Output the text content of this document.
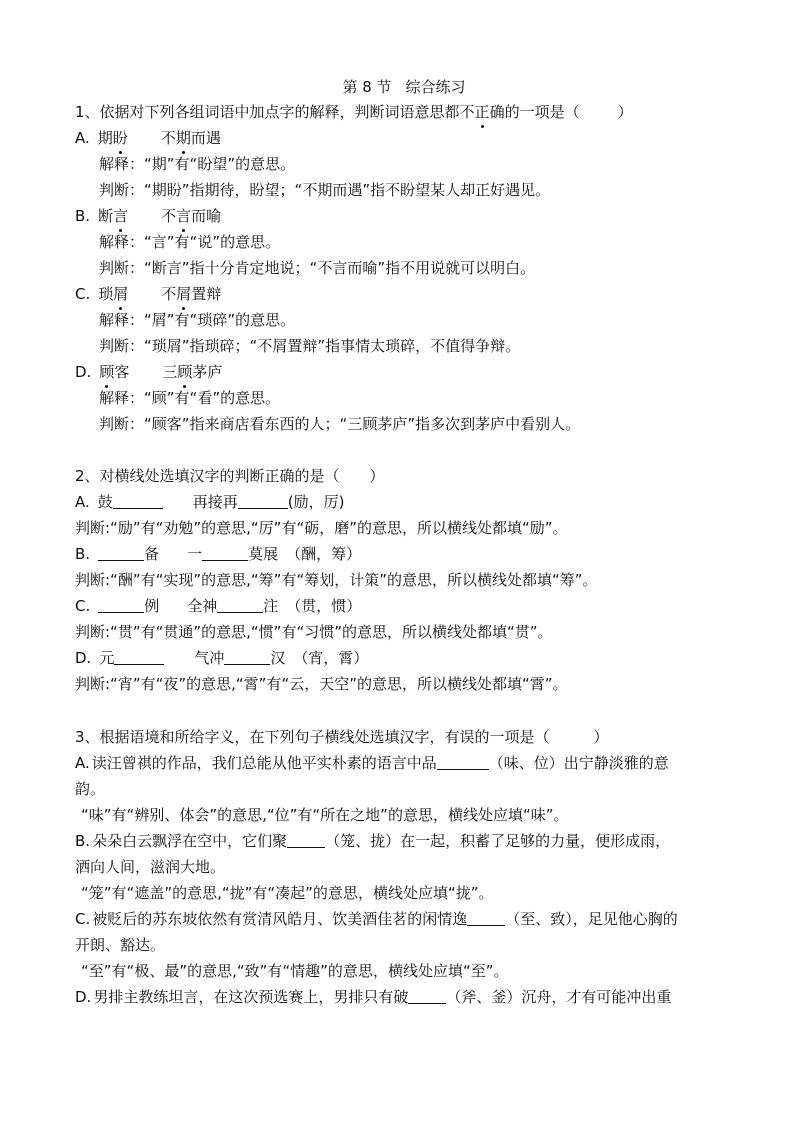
第 8 节 综合练习
1、依据对下列各组词语中加点字的解释，判断词语意思都不正确的一项是（	）
A. 期盼 不期而遇
解释：“期”有“盼望”的意思。
判断：“期盼”指期待，盼望；“不期而遇”指不盼望某人却正好遇见。
B. 断言 不言而喻
解释：“言”有“说”的意思。
判断：“断言”指十分肯定地说；“不言而喻”指不用说就可以明白。
C. 琐屑 不屑置辩
解释：“屑”有“琐碎”的意思。
判断：“琐屑”指琐碎；“不屑置辩”指事情太琐碎，不值得争辩。
D. 顾客 三顾茅庐
解释：“顾”有“看”的意思。
判断：“顾客”指来商店看东西的人；“三顾茅庐”指多次到茅庐中看别人。
2、对横线处选填汉字的判断正确的是（ ）
A. 鼓	再接再	(励，厉)
判断:“励”有“劝勉”的意思,“厉”有“砺，磨”的意思，所以横线处都填“励”。
B.	备 一	莫展 （酬，筹）
判断:“酬”有“实现”的意思,“筹”有“筹划，计策”的意思，所以横线处都填“筹”。
C.	例 全神	注 （贯，惯）
判断:“贯”有“贯通”的意思,“惯”有“习惯”的意思，所以横线处都填“贯”。
D. 元	气冲	汉 （宵，霄）
判断:“宵”有“夜”的意思,“霄”有“云，天空”的意思，所以横线处都填“霄”。
3、根据语境和所给字义，在下列句子横线处选填汉字，有误的一项是（	）
A. 读汪曾祺的作品，我们总能从他平实朴素的语言中品	（味、位）出宁静淡雅的意
韵。
“味”有“辨别、体会”的意思,“位”有“所在之地”的意思，横线处应填“味”。
B. 朵朵白云飘浮在空中，它们聚	（笼、拢）在一起，积蓄了足够的力量，便形成雨，
洒向人间，滋润大地。
“笼”有“遮盖”的意思,“拢”有“凑起”的意思，横线处应填“拢”。
C. 被贬后的苏东坡依然有赏清风皓月、饮美酒佳茗的闲情逸	（至、致），足见他心胸的
开朗、豁达。
“至”有“极、最”的意思,“致”有“情趣”的意思，横线处应填“至”。
D. 男排主教练坦言，在这次预选赛上，男排只有破	（斧、釜）沉舟，才有可能冲出重
